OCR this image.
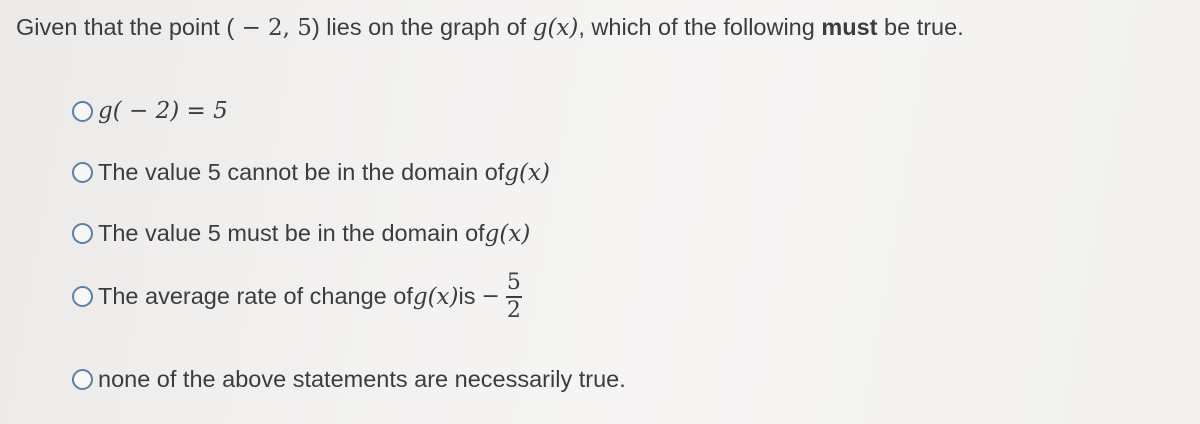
Given that the point ( − 2, 5) lies on the graph of g(x), which of the following must be true.
g( − 2) = 5
The value 5 cannot be in the domain of g(x)
The value 5 must be in the domain of g(x)
The average rate of change of g(x) is − $\frac{5}{2}$
none of the above statements are necessarily true.
